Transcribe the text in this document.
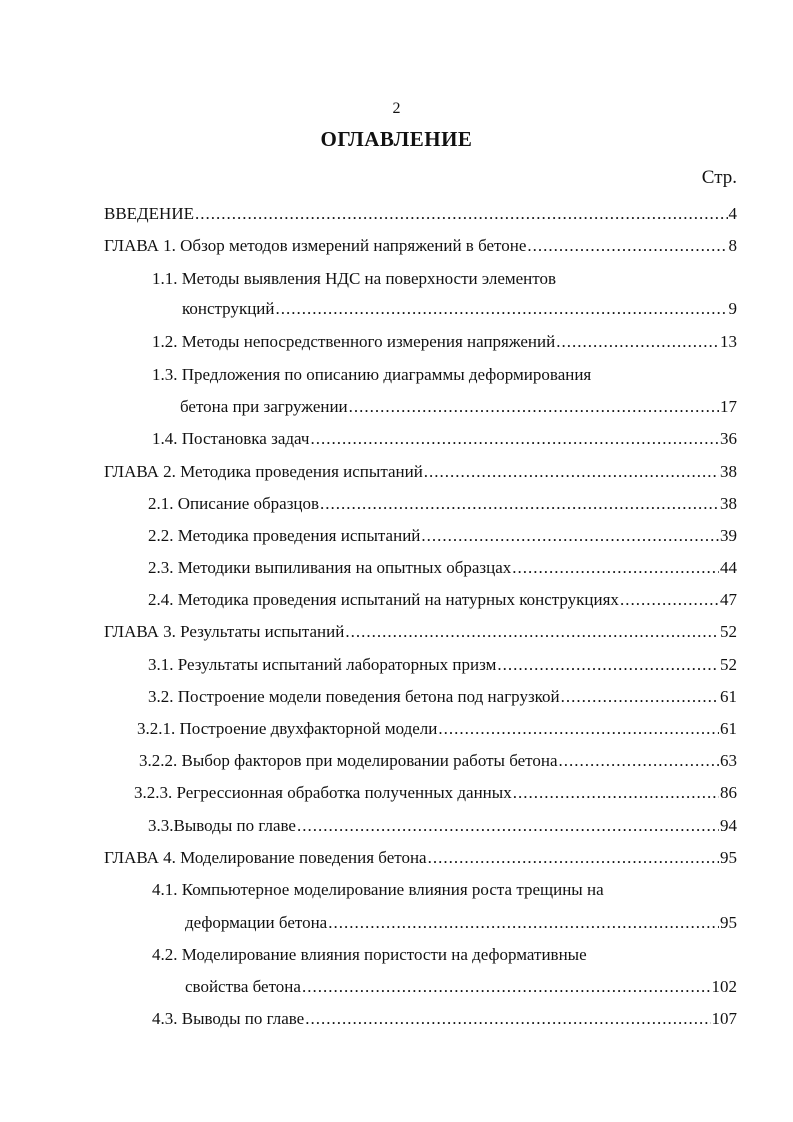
2
ОГЛАВЛЕНИЕ
Стр.
ВВЕДЕНИЕ .....	4
ГЛАВА 1. Обзор методов измерений напряжений в бетоне .....	8
1.1. Методы выявления НДС на поверхности элементов
конструкций .....	9
1.2. Методы непосредственного измерения напряжений .....	13
1.3. Предложения по описанию диаграммы деформирования
бетона при загружении .....	17
1.4. Постановка задач .....	36
ГЛАВА 2. Методика проведения испытаний .....	38
2.1. Описание образцов .....	38
2.2. Методика проведения испытаний .....	39
2.3. Методики выпиливания на опытных образцах .....	44
2.4. Методика проведения испытаний на натурных конструкциях .....	47
ГЛАВА 3. Результаты испытаний .....	52
3.1. Результаты испытаний лабораторных призм .....	52
3.2. Построение модели поведения бетона под нагрузкой .....	61
3.2.1. Построение двухфакторной модели .....	61
3.2.2. Выбор факторов при моделировании работы бетона .....	63
3.2.3. Регрессионная обработка полученных данных .....	86
3.3.Выводы по главе .....	94
ГЛАВА 4. Моделирование поведения бетона .....	95
4.1. Компьютерное моделирование влияния роста трещины на
деформации бетона .....	95
4.2. Моделирование влияния пористости на деформативные
свойства бетона .....	102
4.3. Выводы по главе .....	107
